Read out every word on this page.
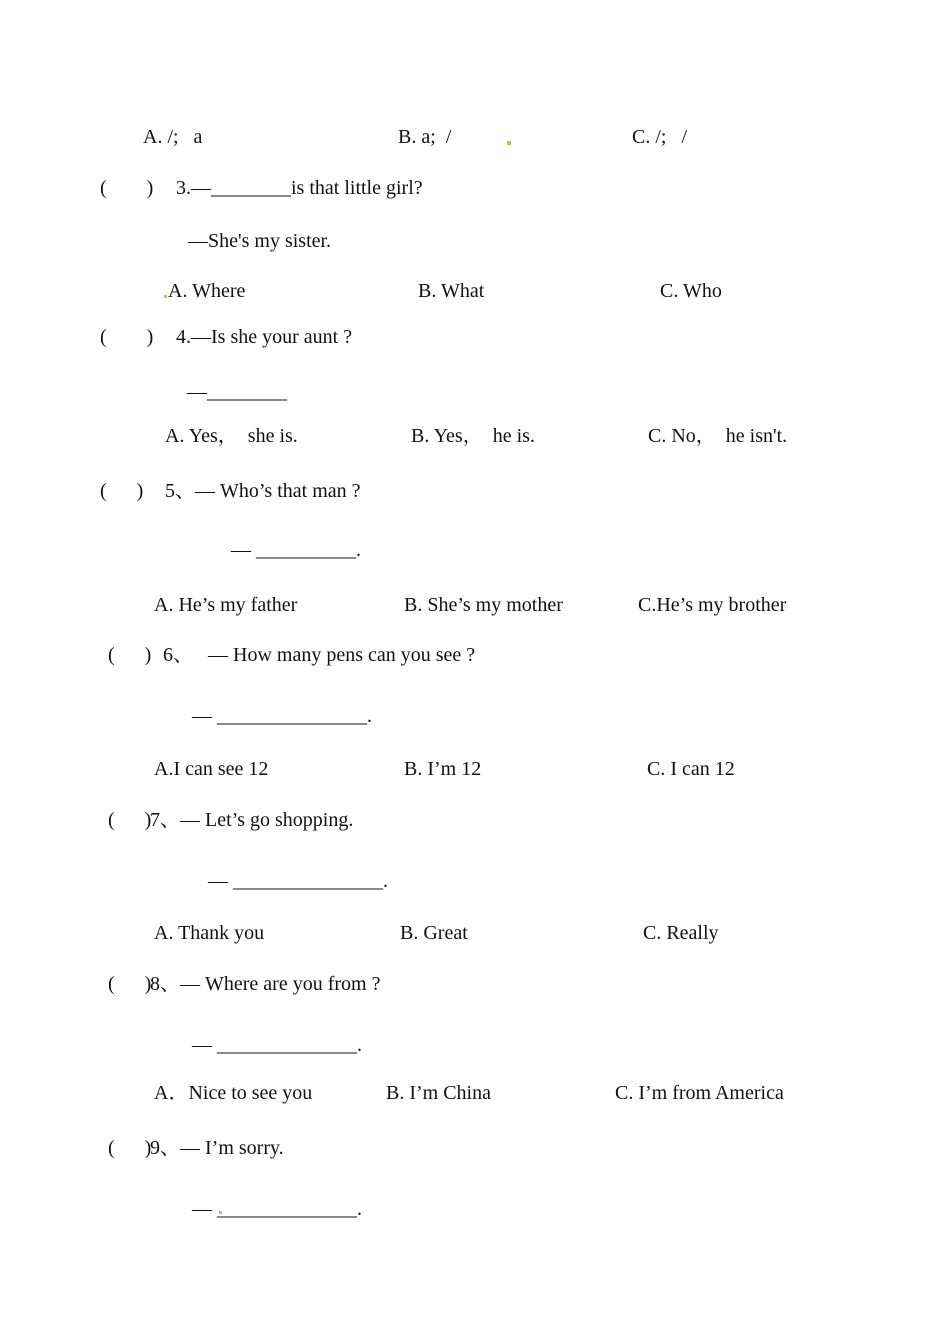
A. /;   a	B. a;  /	C. /;   /
(        ) 3.—________is that little girl?
—She's my sister.
A. Where	B. What	C. Who
(        ) 4.—Is she your aunt ?
—________
A. Yes，  she is.	B. Yes，  he is.	C. No，  he isn't.
(      ) 5、— Who’s that man ?
— __________.
A. He’s my father	B. She’s my mother	C.He’s my brother
(      ) 6、   — How many pens can you see ?
— _______________.
A.I can see 12	B. I’m 12	C. I can 12
(      )
7、— Let’s go shopping.
— _______________.
A. Thank you	B. Great	C. Really
(      )
8、— Where are you from ?
— ______________.
A．Nice to see you	B. I’m China	C. I’m from America
(      )
9、— I’m sorry.
— ______________.
